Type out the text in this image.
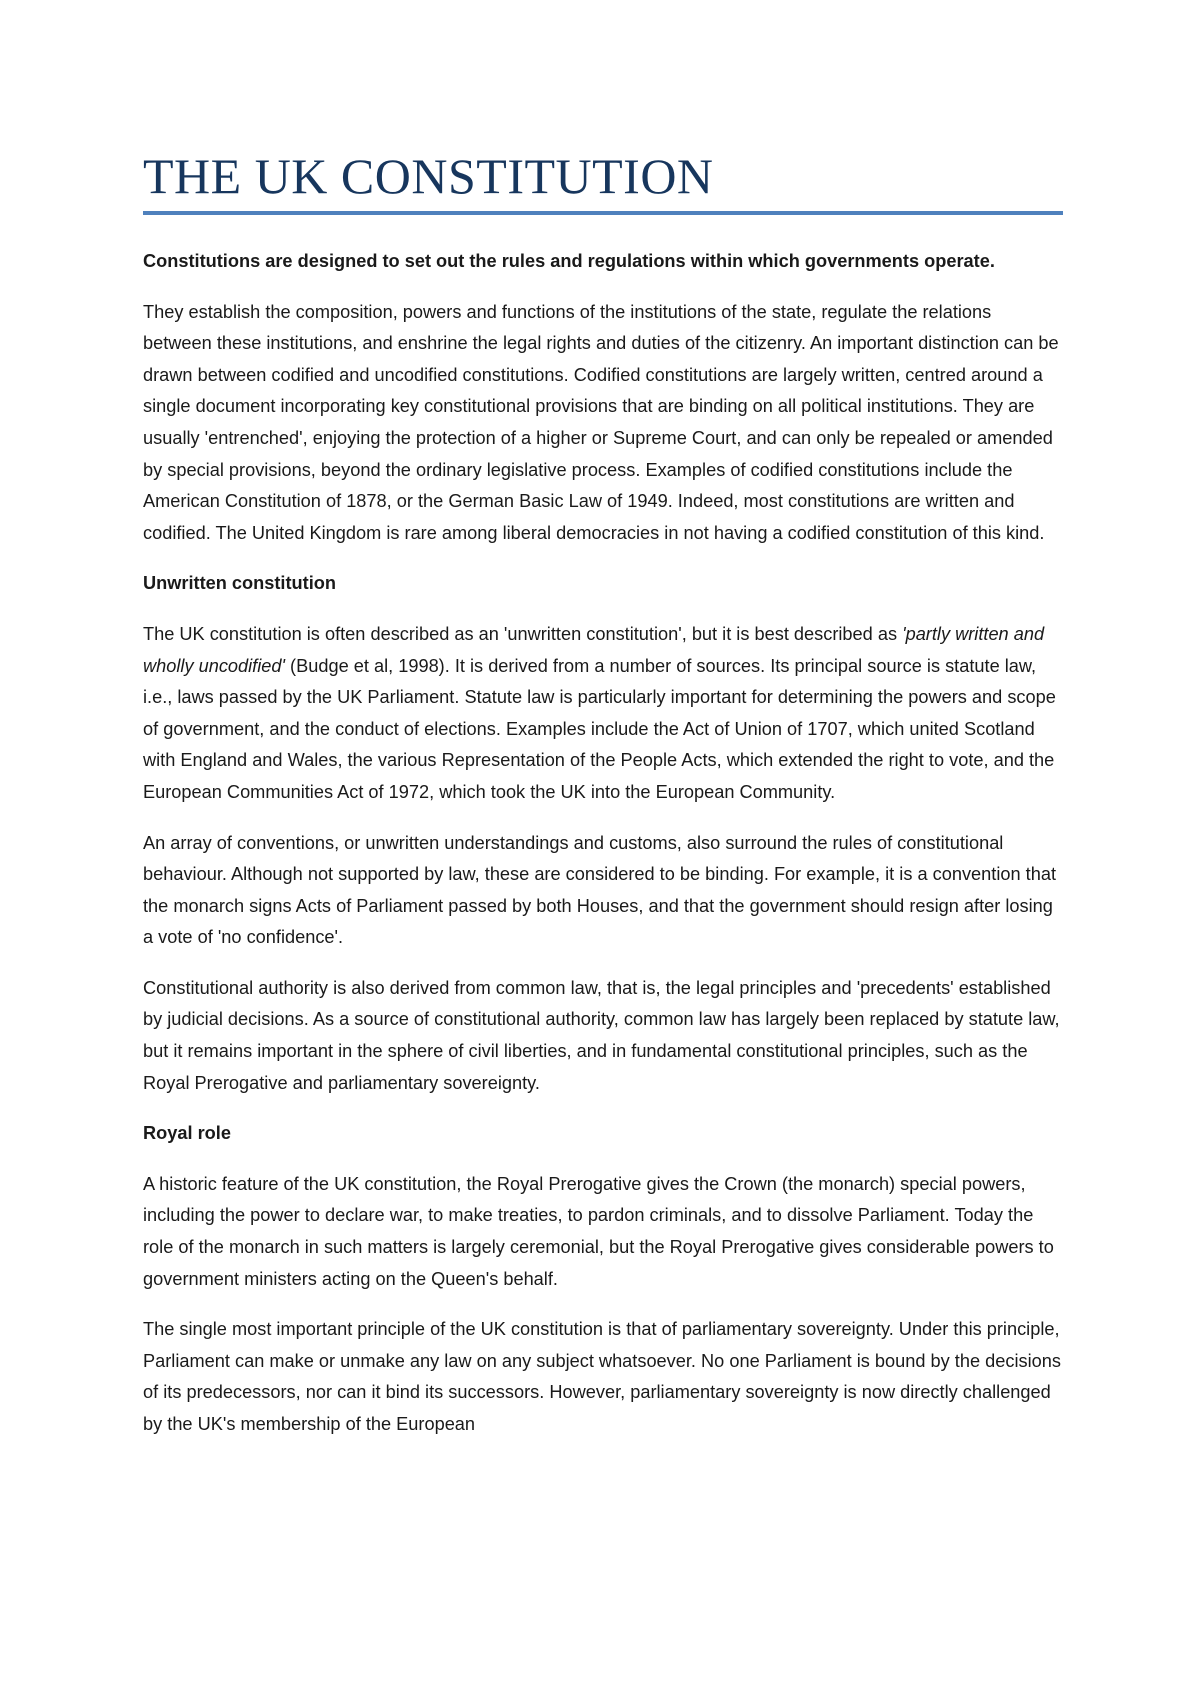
THE UK CONSTITUTION

Constitutions are designed to set out the rules and regulations within which governments operate.

They establish the composition, powers and functions of the institutions of the state, regulate the relations between these institutions, and enshrine the legal rights and duties of the citizenry. An important distinction can be drawn between codified and uncodified constitutions. Codified constitutions are largely written, centred around a single document incorporating key constitutional provisions that are binding on all political institutions. They are usually 'entrenched', enjoying the protection of a higher or Supreme Court, and can only be repealed or amended by special provisions, beyond the ordinary legislative process. Examples of codified constitutions include the American Constitution of 1878, or the German Basic Law of 1949. Indeed, most constitutions are written and codified. The United Kingdom is rare among liberal democracies in not having a codified constitution of this kind.

Unwritten constitution

The UK constitution is often described as an 'unwritten constitution', but it is best described as 'partly written and wholly uncodified' (Budge et al, 1998). It is derived from a number of sources. Its principal source is statute law, i.e., laws passed by the UK Parliament. Statute law is particularly important for determining the powers and scope of government, and the conduct of elections. Examples include the Act of Union of 1707, which united Scotland with England and Wales, the various Representation of the People Acts, which extended the right to vote, and the European Communities Act of 1972, which took the UK into the European Community.

An array of conventions, or unwritten understandings and customs, also surround the rules of constitutional behaviour. Although not supported by law, these are considered to be binding. For example, it is a convention that the monarch signs Acts of Parliament passed by both Houses, and that the government should resign after losing a vote of 'no confidence'.

Constitutional authority is also derived from common law, that is, the legal principles and 'precedents' established by judicial decisions. As a source of constitutional authority, common law has largely been replaced by statute law, but it remains important in the sphere of civil liberties, and in fundamental constitutional principles, such as the Royal Prerogative and parliamentary sovereignty.

Royal role

A historic feature of the UK constitution, the Royal Prerogative gives the Crown (the monarch) special powers, including the power to declare war, to make treaties, to pardon criminals, and to dissolve Parliament. Today the role of the monarch in such matters is largely ceremonial, but the Royal Prerogative gives considerable powers to government ministers acting on the Queen's behalf.

The single most important principle of the UK constitution is that of parliamentary sovereignty. Under this principle, Parliament can make or unmake any law on any subject whatsoever. No one Parliament is bound by the decisions of its predecessors, nor can it bind its successors. However, parliamentary sovereignty is now directly challenged by the UK's membership of the European
